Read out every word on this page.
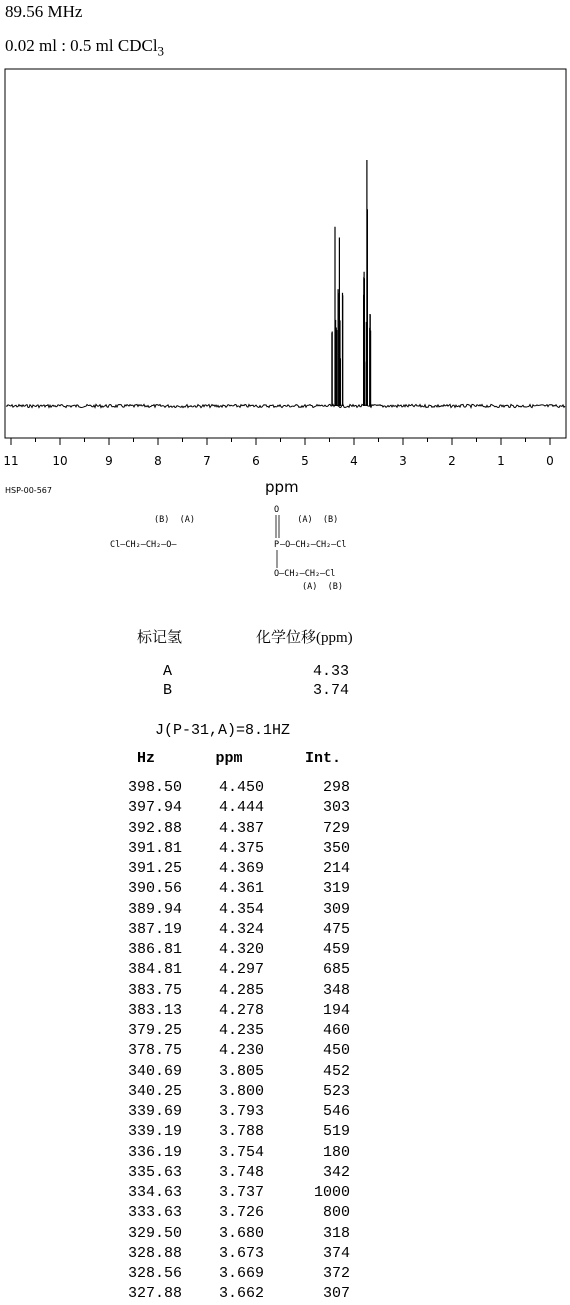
89.56 MHz
0.02 ml : 0.5 ml CDCl$_3$
11	10	9	8	7	6	5	4	3	2	1	0
ppm
HSP-00-567
(B)  (A)                    (A)  (B)
O
Cl—CH₂—CH₂—O—	P —O—CH₂—CH₂—Cl
O—CH₂—CH₂—Cl
(A)  (B)
标记氢	化学位移(ppm)
A	4.33
B	3.74
J(P-31,A)=8.1HZ
Hz	ppm	Int.

398.50	4.450	298
397.94	4.444	303
392.88	4.387	729
391.81	4.375	350
391.25	4.369	214
390.56	4.361	319
389.94	4.354	309
387.19	4.324	475
386.81	4.320	459
384.81	4.297	685
383.75	4.285	348
383.13	4.278	194
379.25	4.235	460
378.75	4.230	450
340.69	3.805	452
340.25	3.800	523
339.69	3.793	546
339.19	3.788	519
336.19	3.754	180
335.63	3.748	342
334.63	3.737	1000
333.63	3.726	800
329.50	3.680	318
328.88	3.673	374
328.56	3.669	372
327.88	3.662	307
